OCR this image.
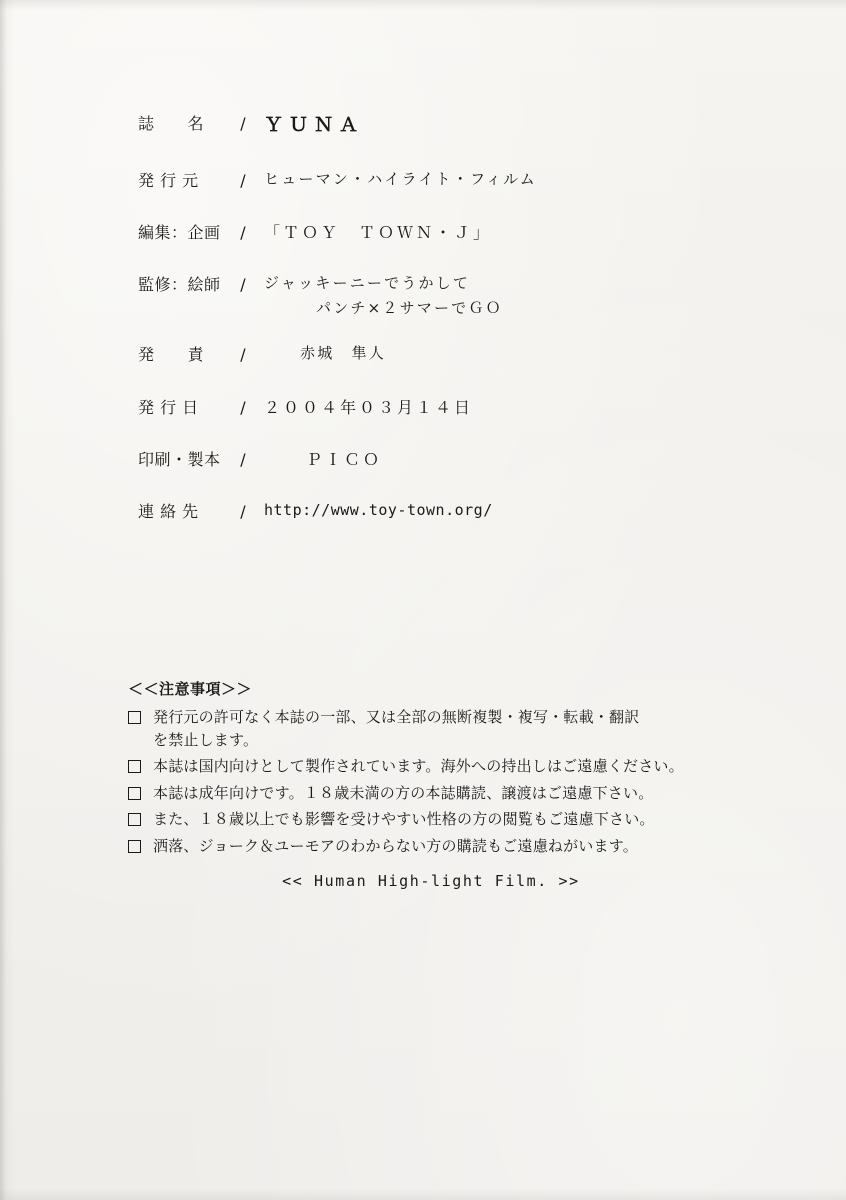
誌　　名	/ ＹＵＮＡ
発 行 元	/	ヒューマン・ハイライト・フィルム
編集：企画	/	「ＴＯＹ　ＴＯＷＮ・Ｊ」
監修：絵師	/	ジャッキーニーでうかして
パンチ×２サマーでＧＯ
発　　責	/	赤城　隼人
発 行 日	/	２００４年０３月１４日
印刷・製本	/	ＰＩＣＯ
連 絡 先	/	http://www.toy-town.org/
＜＜注意事項＞＞
発行元の許可なく本誌の一部、又は全部の無断複製・複写・転載・翻訳
を禁止します。
本誌は国内向けとして製作されています。海外への持出しはご遠慮ください。
本誌は成年向けです。１８歳未満の方の本誌購読、譲渡はご遠慮下さい。
また、１８歳以上でも影響を受けやすい性格の方の閲覧もご遠慮下さい。
洒落、ジョーク＆ユーモアのわからない方の購読もご遠慮ねがいます。
<< Human High-light Film. >>
